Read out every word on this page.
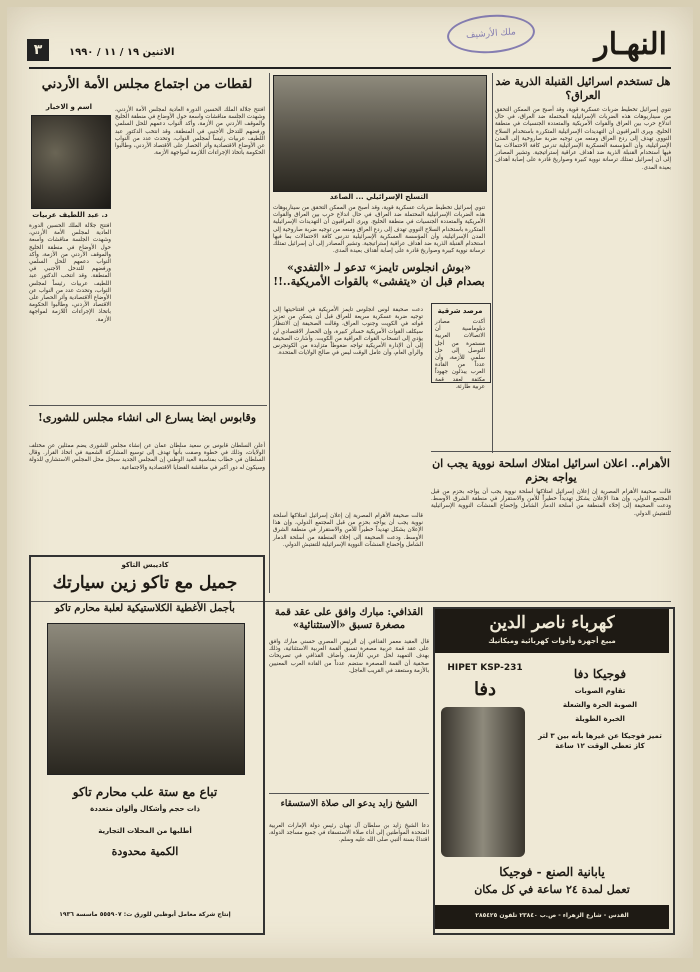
ملك الأرشيف	النهـار
الاثنين ١٩ / ١١ / ١٩٩٠
٣
هل تستخدم اسرائيل القنبلة الذرية ضد العراق؟
تنوي إسرائيل تخطيط ضربات عسكرية قوية، وقد أصبح من الممكن التحقق من سيناريوهات هذه الضربات الإسرائيلية المحتملة ضد العراق، في حال اندلاع حرب بين العراق والقوات الأمريكية والمتعددة الجنسيات في منطقة الخليج. ويرى المراقبون أن التهديدات الإسرائيلية المتكررة باستخدام السلاح النووي تهدف إلى ردع العراق ومنعه من توجيه ضربة صاروخية إلى المدن الإسرائيلية، وأن المؤسسة العسكرية الإسرائيلية تدرس كافة الاحتمالات بما فيها استخدام القنبلة الذرية ضد أهداف عراقية إستراتيجية. وتشير المصادر إلى أن إسرائيل تمتلك ترسانة نووية كبيرة وصواريخ قادرة على إصابة أهداف بعيدة المدى.
التسلح الإسرائيلي ... الصاعد
تنوي إسرائيل تخطيط ضربات عسكرية قوية، وقد أصبح من الممكن التحقق من سيناريوهات هذه الضربات الإسرائيلية المحتملة ضد العراق، في حال اندلاع حرب بين العراق والقوات الأمريكية والمتعددة الجنسيات في منطقة الخليج. ويرى المراقبون أن التهديدات الإسرائيلية المتكررة باستخدام السلاح النووي تهدف إلى ردع العراق ومنعه من توجيه ضربة صاروخية إلى المدن الإسرائيلية، وأن المؤسسة العسكرية الإسرائيلية تدرس كافة الاحتمالات بما فيها استخدام القنبلة الذرية ضد أهداف عراقية إستراتيجية. وتشير المصادر إلى أن إسرائيل تمتلك ترسانة نووية كبيرة وصواريخ قادرة على إصابة أهداف بعيدة المدى.
«بوش انجلوس تايمز» تدعو لـ «التفدي» بصدام قبل ان «يتفشى» بالقوات الأمريكية..!!
دعت صحيفة لوس انجلوس تايمز الأمريكية في افتتاحيتها إلى توجيه ضربة عسكرية سريعة للعراق قبل أن يتمكن من تعزيز قواته في الكويت وجنوب العراق، وقالت الصحيفة إن الانتظار سيكلف القوات الأمريكية خسائر كبيرة، وإن الحصار الاقتصادي لن يؤدي إلى انسحاب القوات العراقية من الكويت. وأشارت الصحيفة إلى أن الإدارة الأمريكية تواجه ضغوطاً متزايدة من الكونجرس والرأي العام، وأن عامل الوقت ليس في صالح الولايات المتحدة.
مرصد شرقية
أكدت مصادر دبلوماسية أن الاتصالات العربية مستمرة من أجل التوصل إلى حل سلمي للأزمة، وأن عدداً من القادة العرب يبذلون جهوداً مكثفة لعقد قمة عربية طارئة.
لقطات من اجتماع مجلس الأمة الأردني
اسم و الاخبار
د. عبد اللطيف عربيات
افتتح جلالة الملك الحسين الدورة العادية لمجلس الأمة الأردني، وشهدت الجلسة مناقشات واسعة حول الأوضاع في منطقة الخليج والموقف الأردني من الأزمة، وأكد النواب دعمهم للحل السلمي ورفضهم للتدخل الأجنبي في المنطقة. وقد انتخب الدكتور عبد اللطيف عربيات رئيساً لمجلس النواب، وتحدث عدد من النواب عن الأوضاع الاقتصادية وأثر الحصار على الاقتصاد الأردني، وطالبوا الحكومة باتخاذ الإجراءات اللازمة لمواجهة الأزمة.
افتتح جلالة الملك الحسين الدورة العادية لمجلس الأمة الأردني، وشهدت الجلسة مناقشات واسعة حول الأوضاع في منطقة الخليج والموقف الأردني من الأزمة، وأكد النواب دعمهم للحل السلمي ورفضهم للتدخل الأجنبي في المنطقة. وقد انتخب الدكتور عبد اللطيف عربيات رئيساً لمجلس النواب، وتحدث عدد من النواب عن الأوضاع الاقتصادية وأثر الحصار على الاقتصاد الأردني، وطالبوا الحكومة باتخاذ الإجراءات اللازمة لمواجهة الأزمة.
وقابوس ايضا يسارع الى انشاء مجلس للشورى!
أعلن السلطان قابوس بن سعيد سلطان عمان عن إنشاء مجلس للشورى يضم ممثلين عن مختلف الولايات، وذلك في خطوة وصفت بأنها تهدف إلى توسيع المشاركة الشعبية في اتخاذ القرار. وقال السلطان في خطاب بمناسبة العيد الوطني إن المجلس الجديد سيحل محل المجلس الاستشاري للدولة وسيكون له دور أكبر في مناقشة القضايا الاقتصادية والاجتماعية.	الأهرام.. اعلان اسرائيل امتلاك اسلحة نووية يجب ان يواجه بحزم
قالت صحيفة الأهرام المصرية إن إعلان إسرائيل امتلاكها أسلحة نووية يجب أن يواجه بحزم من قبل المجتمع الدولي، وإن هذا الإعلان يشكل تهديداً خطيراً للأمن والاستقرار في منطقة الشرق الأوسط. ودعت الصحيفة إلى إخلاء المنطقة من أسلحة الدمار الشامل وإخضاع المنشآت النووية الإسرائيلية للتفتيش الدولي.
قالت صحيفة الأهرام المصرية إن إعلان إسرائيل امتلاكها أسلحة نووية يجب أن يواجه بحزم من قبل المجتمع الدولي، وإن هذا الإعلان يشكل تهديداً خطيراً للأمن والاستقرار في منطقة الشرق الأوسط. ودعت الصحيفة إلى إخلاء المنطقة من أسلحة الدمار الشامل وإخضاع المنشآت النووية الإسرائيلية للتفتيش الدولي.
كاديبس التاكو
جميل مع تاكو زين سيارتك
بأجمل الأغطية الكلاستيكية لعلبة محارم تاكو
تباع مع ستة علب محارم تاكو
ذات حجم وأشكال وألوان متعددة
أطلبها من المحلات التجارية
الكمية محدودة
إنتاج شركة معامل أبوظبي للورق ت: ٥٥٥٩٠٧ ماسسة ١٩٣٦
القذافي: مبارك وافق على عقد قمة مصغرة تسبق «الاستثنائية»
قال العقيد معمر القذافي إن الرئيس المصري حسني مبارك وافق على عقد قمة عربية مصغرة تسبق القمة العربية الاستثنائية، وذلك بهدف التمهيد لحل عربي للأزمة. وأضاف القذافي في تصريحات صحفية أن القمة المصغرة ستضم عدداً من القادة العرب المعنيين بالأزمة وستعقد في القريب العاجل.
الشيخ زايد يدعو الى صلاة الاستسقاء
دعا الشيخ زايد بن سلطان آل نهيان رئيس دولة الإمارات العربية المتحدة المواطنين إلى أداء صلاة الاستسقاء في جميع مساجد الدولة، اقتداءً بسنة النبي صلى الله عليه وسلم.
كهرباء ناصر الدين
مبيع أجهزة وأدوات كهربائية وميكانيك
HIPET KSP-231
دفا
فوجيكا دفا
تقاوم الصوبات
الصوبة الحرة والشعلة
الخبرة الطويلة
تميز فوجيكا عن غيرها بأنه بين ٣ لتر كاز تعطي الوقت ١٢ ساعة
يابانية الصنع - فوجيكا
تعمل لمدة ٢٤ ساعة في كل مكان
القدس - شارع الزهراء - ص.ب ٢٣٨٤٠ تلفون ٢٨٥٤٢٥
